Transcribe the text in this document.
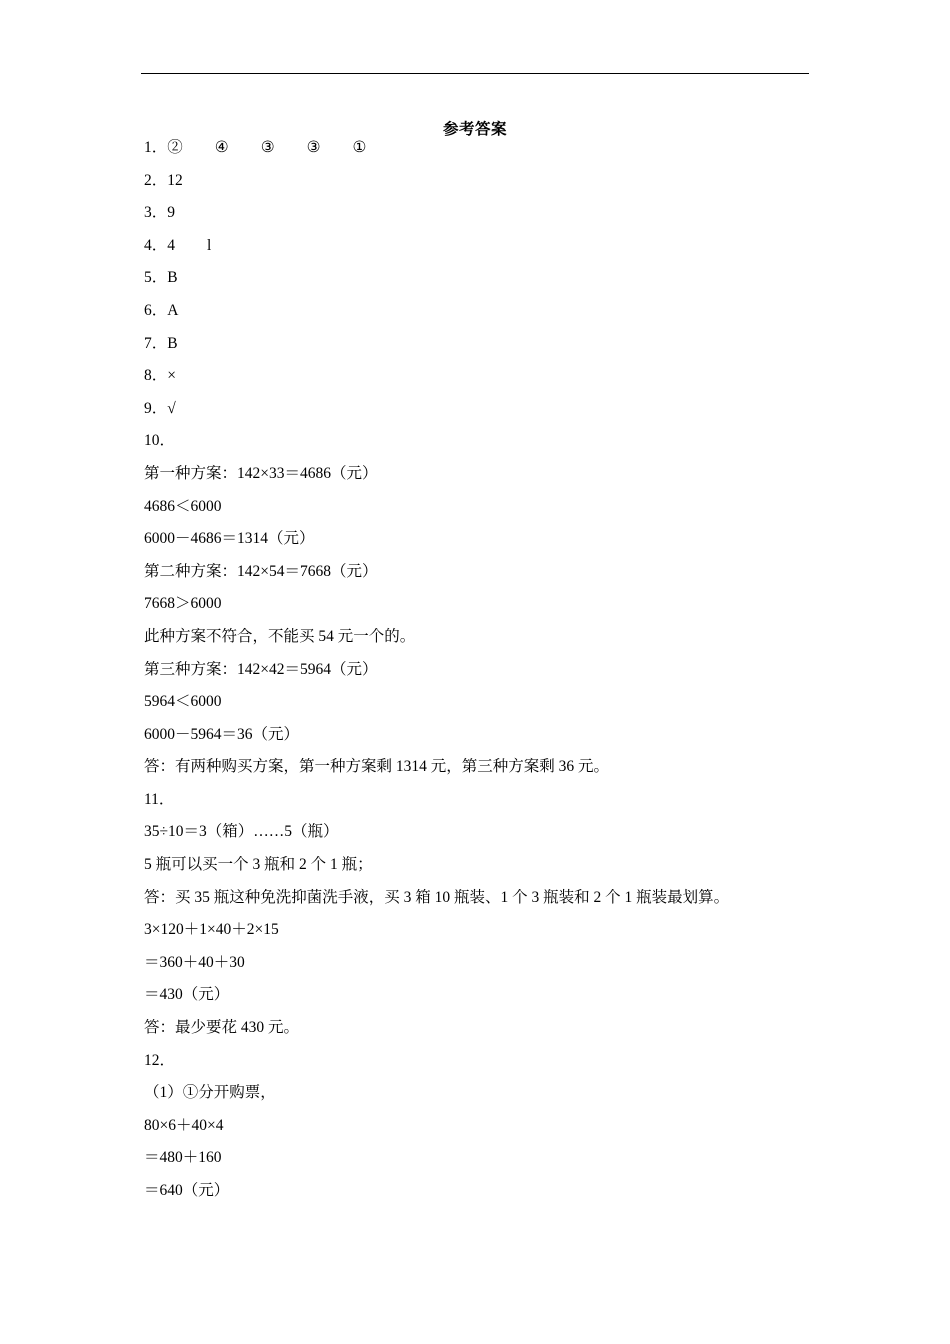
参考答案
1．② ④ ③ ③ ①
2．12
3．9
4．4 l
5．B
6．A
7．B
8．×
9．√
10．
第一种方案：142×33＝4686（元）
4686＜6000
6000－4686＝1314（元）
第二种方案：142×54＝7668（元）
7668＞6000
此种方案不符合，不能买 54 元一个的。
第三种方案：142×42＝5964（元）
5964＜6000
6000－5964＝36（元）
答：有两种购买方案，第一种方案剩 1314 元，第三种方案剩 36 元。
11．
35÷10＝3（箱）……5（瓶）
5 瓶可以买一个 3 瓶和 2 个 1 瓶；
答：买 35 瓶这种免洗抑菌洗手液，买 3 箱 10 瓶装、1 个 3 瓶装和 2 个 1 瓶装最划算。
3×120＋1×40＋2×15
＝360＋40＋30
＝430（元）
答：最少要花 430 元。
12．
（1）①分开购票，
80×6＋40×4
＝480＋160
＝640（元）
